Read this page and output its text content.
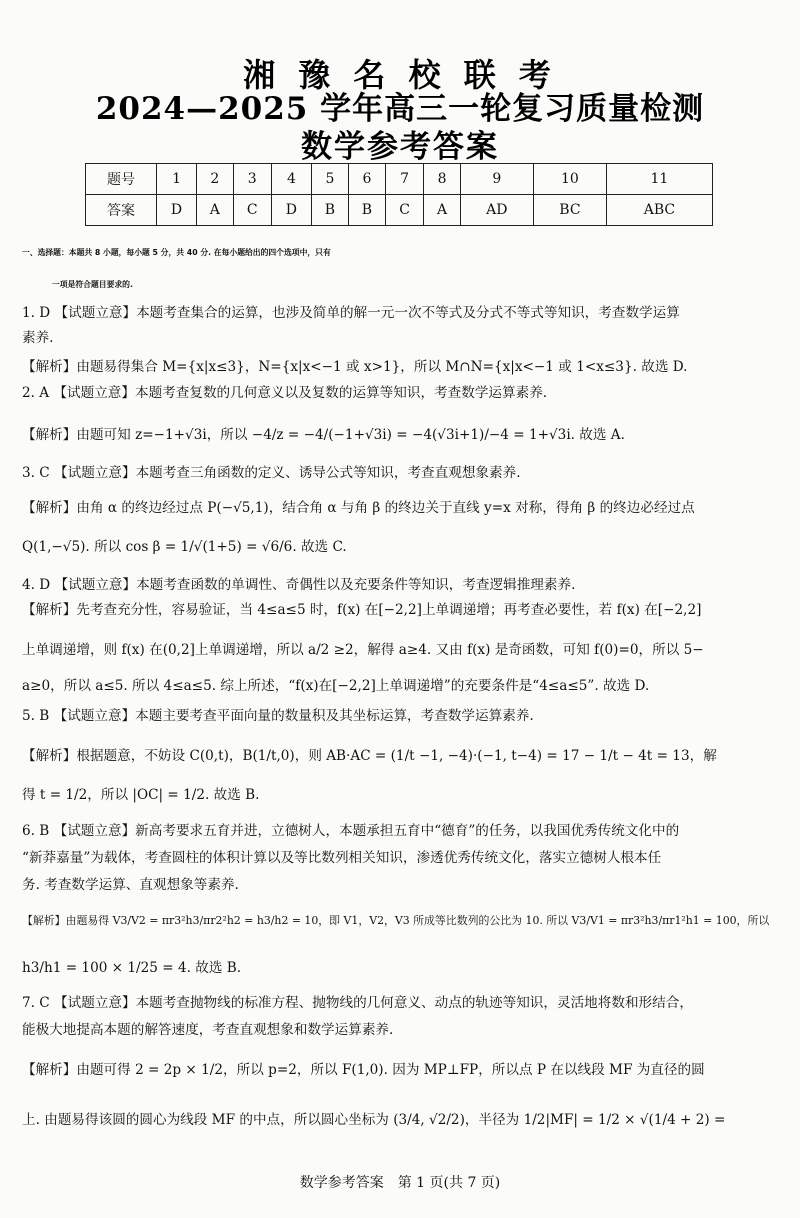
湘 豫 名 校 联 考
2024—2025 学年高三一轮复习质量检测
数学参考答案
题号	1	2	3	4	5	6	7	8	9	10	11
答案	D	A	C	D	B	B	C	A	AD	BC	ABC
一、选择题：本题共 8 小题，每小题 5 分，共 40 分. 在每小题给出的四个选项中，只有
一项是符合题目要求的.
1. D 【试题立意】本题考查集合的运算，也涉及简单的解一元一次不等式及分式不等式等知识，考查数学运算
素养.
【解析】由题易得集合 M={x|x≤3}，N={x|x<−1 或 x>1}，所以 M∩N={x|x<−1 或 1<x≤3}. 故选 D.
2. A 【试题立意】本题考查复数的几何意义以及复数的运算等知识，考查数学运算素养.
【解析】由题可知 z=−1+√3i，所以 −4/z = −4/(−1+√3i) = −4(√3i+1)/−4 = 1+√3i. 故选 A.
3. C 【试题立意】本题考查三角函数的定义、诱导公式等知识，考查直观想象素养.
【解析】由角 α 的终边经过点 P(−√5,1)，结合角 α 与角 β 的终边关于直线 y=x 对称，得角 β 的终边必经过点
Q(1,−√5). 所以 cos β = 1/√(1+5) = √6/6. 故选 C.
4. D 【试题立意】本题考查函数的单调性、奇偶性以及充要条件等知识，考查逻辑推理素养.
【解析】先考查充分性，容易验证，当 4≤a≤5 时，f(x) 在[−2,2]上单调递增；再考查必要性，若 f(x) 在[−2,2]
上单调递增，则 f(x) 在(0,2]上单调递增，所以 a/2 ≥2，解得 a≥4. 又由 f(x) 是奇函数，可知 f(0)=0，所以 5−
a≥0，所以 a≤5. 所以 4≤a≤5. 综上所述，“f(x)在[−2,2]上单调递增”的充要条件是“4≤a≤5”. 故选 D.
5. B 【试题立意】本题主要考查平面向量的数量积及其坐标运算，考查数学运算素养.
【解析】根据题意，不妨设 C(0,t)，B(1/t,0)，则 AB·AC = (1/t −1, −4)·(−1, t−4) = 17 − 1/t − 4t = 13，解
得 t = 1/2，所以 |OC| = 1/2. 故选 B.
6. B 【试题立意】新高考要求五育并进，立德树人，本题承担五育中“德育”的任务，以我国优秀传统文化中的
“新莽嘉量”为载体，考查圆柱的体积计算以及等比数列相关知识，渗透优秀传统文化，落实立德树人根本任
务. 考查数学运算、直观想象等素养.
【解析】由题易得 V3/V2 = πr3²h3/πr2²h2 = h3/h2 = 10，即 V1，V2，V3 所成等比数列的公比为 10. 所以 V3/V1 = πr3²h3/πr1²h1 = 100，所以
h3/h1 = 100 × 1/25 = 4. 故选 B.
7. C 【试题立意】本题考查抛物线的标准方程、抛物线的几何意义、动点的轨迹等知识，灵活地将数和形结合，
能极大地提高本题的解答速度，考查直观想象和数学运算素养.
【解析】由题可得 2 = 2p × 1/2，所以 p=2，所以 F(1,0). 因为 MP⊥FP，所以点 P 在以线段 MF 为直径的圆
上. 由题易得该圆的圆心为线段 MF 的中点，所以圆心坐标为 (3/4, √2/2)，半径为 1/2|MF| = 1/2 × √(1/4 + 2) =
数学参考答案　第 1 页(共 7 页)
